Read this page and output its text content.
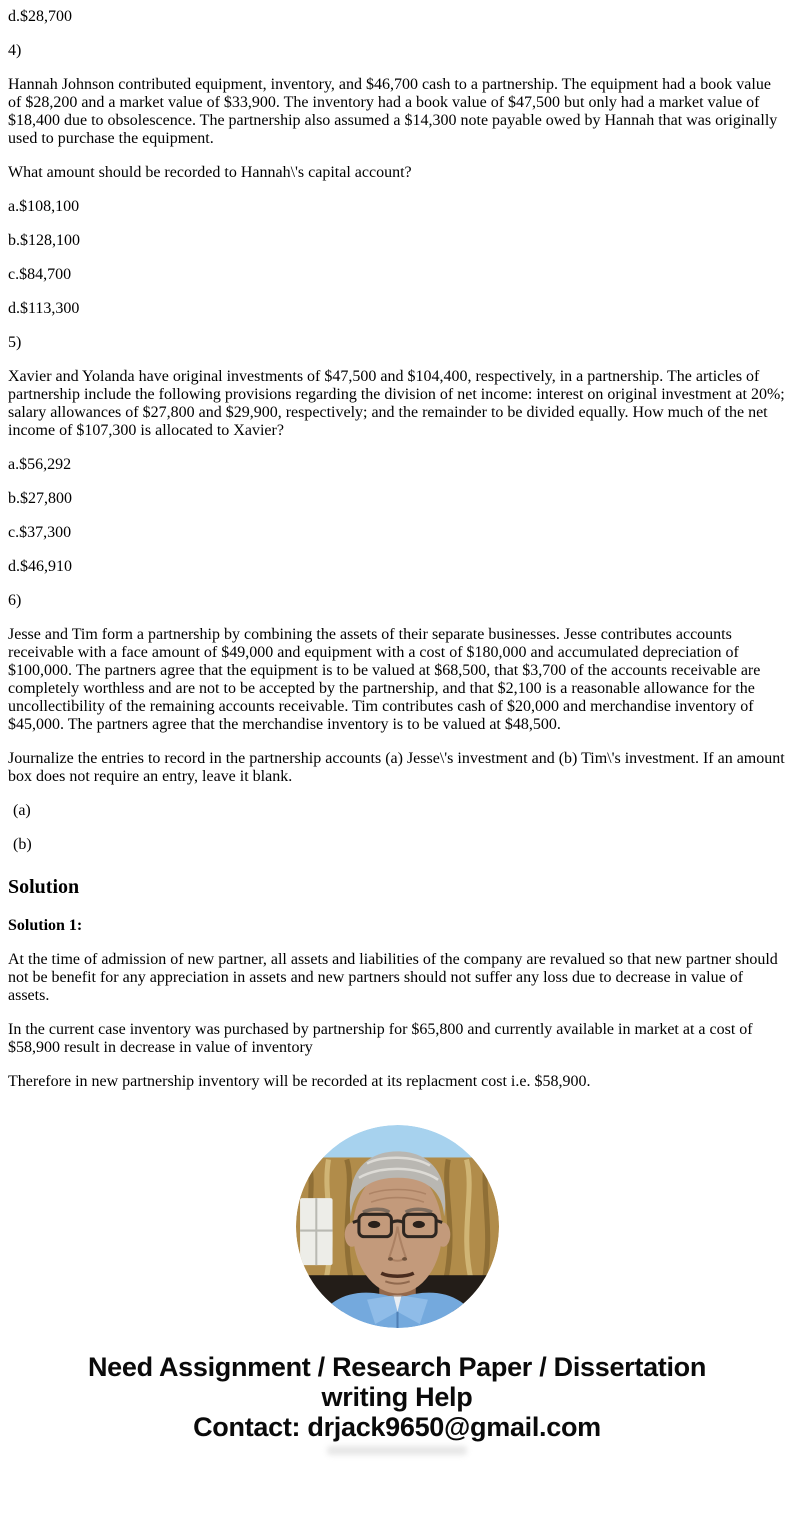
d.$28,700

4)

Hannah Johnson contributed equipment, inventory, and $46,700 cash to a partnership. The equipment had a book value of $28,200 and a market value of $33,900. The inventory had a book value of $47,500 but only had a market value of $18,400 due to obsolescence. The partnership also assumed a $14,300 note payable owed by Hannah that was originally used to purchase the equipment.

What amount should be recorded to Hannah\'s capital account?

a.$108,100

b.$128,100

c.$84,700

d.$113,300

5)

Xavier and Yolanda have original investments of $47,500 and $104,400, respectively, in a partnership. The articles of partnership include the following provisions regarding the division of net income: interest on original investment at 20%; salary allowances of $27,800 and $29,900, respectively; and the remainder to be divided equally. How much of the net income of $107,300 is allocated to Xavier?

a.$56,292

b.$27,800

c.$37,300

d.$46,910

6)

Jesse and Tim form a partnership by combining the assets of their separate businesses. Jesse contributes accounts receivable with a face amount of $49,000 and equipment with a cost of $180,000 and accumulated depreciation of $100,000. The partners agree that the equipment is to be valued at $68,500, that $3,700 of the accounts receivable are completely worthless and are not to be accepted by the partnership, and that $2,100 is a reasonable allowance for the uncollectibility of the remaining accounts receivable. Tim contributes cash of $20,000 and merchandise inventory of $45,000. The partners agree that the merchandise inventory is to be valued at $48,500.

Journalize the entries to record in the partnership accounts (a) Jesse\'s investment and (b) Tim\'s investment. If an amount box does not require an entry, leave it blank.

(a)

(b)

Solution

Solution 1:

At the time of admission of new partner, all assets and liabilities of the company are revalued so that new partner should not be benefit for any appreciation in assets and new partners should not suffer any loss due to decrease in value of assets.

In the current case inventory was purchased by partnership for $65,800 and currently available in market at a cost of $58,900 result in decrease in value of inventory

Therefore in new partnership inventory will be recorded at its replacment cost i.e. $58,900.

Need Assignment / Research Paper / Dissertation
writing Help
Contact: drjack9650@gmail.com
